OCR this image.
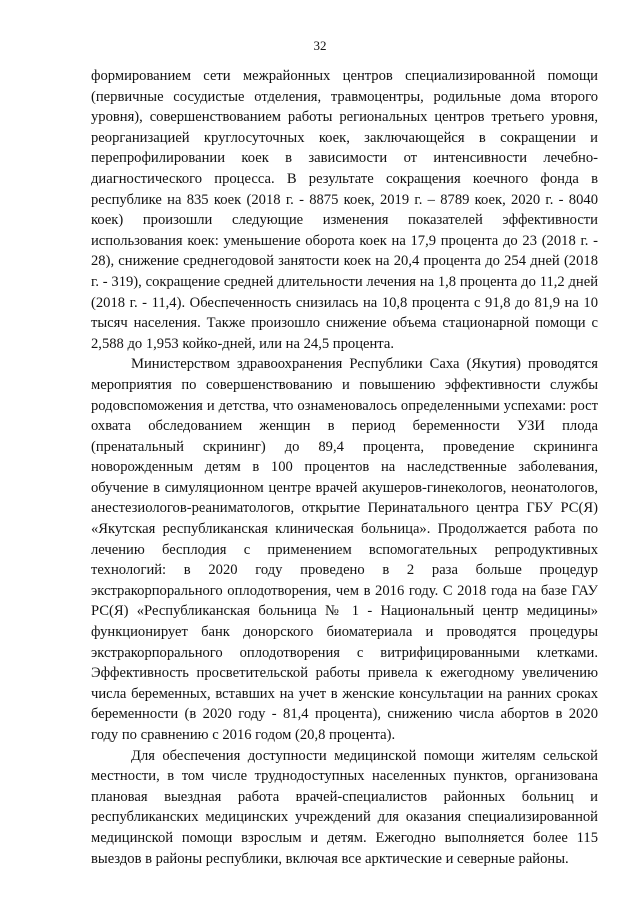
32

формированием сети межрайонных центров специализированной помощи (первичные сосудистые отделения, травмоцентры, родильные дома второго уровня), совершенствованием работы региональных центров третьего уровня, реорганизацией круглосуточных коек, заключающейся в сокращении и перепрофилировании коек в зависимости от интенсивности лечебно-диагностического процесса. В результате сокращения коечного фонда в республике на 835 коек (2018 г. - 8875 коек, 2019 г. – 8789 коек, 2020 г. - 8040 коек) произошли следующие изменения показателей эффективности использования коек: уменьшение оборота коек на 17,9 процента до 23 (2018 г. - 28), снижение среднегодовой занятости коек на 20,4 процента до 254 дней (2018 г. - 319), сокращение средней длительности лечения на 1,8 процента до 11,2 дней (2018 г. - 11,4). Обеспеченность снизилась на 10,8 процента с 91,8 до 81,9 на 10 тысяч населения. Также произошло снижение объема стационарной помощи с 2,588 до 1,953 койко-дней, или на 24,5 процента.

Министерством здравоохранения Республики Саха (Якутия) проводятся мероприятия по совершенствованию и повышению эффективности службы родовспоможения и детства, что ознаменовалось определенными успехами: рост охвата обследованием женщин в период беременности УЗИ плода (пренатальный скрининг) до 89,4 процента, проведение скрининга новорожденным детям в 100 процентов на наследственные заболевания, обучение в симуляционном центре врачей акушеров-гинекологов, неонатологов, анестезиологов-реаниматологов, открытие Перинатального центра ГБУ РС(Я) «Якутская республиканская клиническая больница». Продолжается работа по лечению бесплодия с применением вспомогательных репродуктивных технологий: в 2020 году проведено в 2 раза больше процедур экстракорпорального оплодотворения, чем в 2016 году. С 2018 года на базе ГАУ РС(Я) «Республиканская больница № 1 - Национальный центр медицины» функционирует банк донорского биоматериала и проводятся процедуры экстракорпорального оплодотворения с витрифицированными клетками. Эффективность просветительской работы привела к ежегодному увеличению числа беременных, вставших на учет в женские консультации на ранних сроках беременности (в 2020 году - 81,4 процента), снижению числа абортов в 2020 году по сравнению с 2016 годом (20,8 процента).

Для обеспечения доступности медицинской помощи жителям сельской местности, в том числе труднодоступных населенных пунктов, организована плановая выездная работа врачей-специалистов районных больниц и республиканских медицинских учреждений для оказания специализированной медицинской помощи взрослым и детям. Ежегодно выполняется более 115 выездов в районы республики, включая все арктические и северные районы.
